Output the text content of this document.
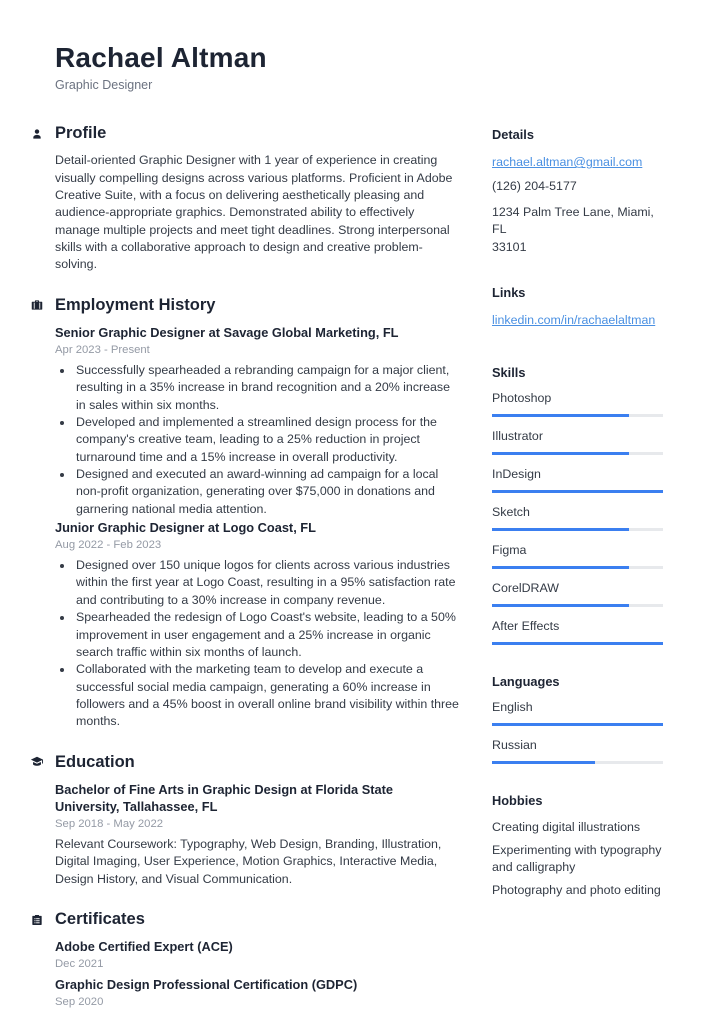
Rachael Altman
Graphic Designer
Profile

Detail-oriented Graphic Designer with 1 year of experience in creating visually compelling designs across various platforms. Proficient in Adobe Creative Suite, with a focus on delivering aesthetically pleasing and audience-appropriate graphics. Demonstrated ability to effectively manage multiple projects and meet tight deadlines. Strong interpersonal skills with a collaborative approach to design and creative problem-solving.

Employment History
Senior Graphic Designer at Savage Global Marketing, FL
Apr 2023 - Present
• Successfully spearheaded a rebranding campaign for a major client, resulting in a 35% increase in brand recognition and a 20% increase in sales within six months.
• Developed and implemented a streamlined design process for the company's creative team, leading to a 25% reduction in project turnaround time and a 15% increase in overall productivity.
• Designed and executed an award-winning ad campaign for a local non-profit organization, generating over $75,000 in donations and garnering national media attention.
Junior Graphic Designer at Logo Coast, FL
Aug 2022 - Feb 2023
• Designed over 150 unique logos for clients across various industries within the first year at Logo Coast, resulting in a 95% satisfaction rate and contributing to a 30% increase in company revenue.
• Spearheaded the redesign of Logo Coast's website, leading to a 50% improvement in user engagement and a 25% increase in organic search traffic within six months of launch.
• Collaborated with the marketing team to develop and execute a successful social media campaign, generating a 60% increase in followers and a 45% boost in overall online brand visibility within three months.
Education
Bachelor of Fine Arts in Graphic Design at Florida State University, Tallahassee, FL
Sep 2018 - May 2022

Relevant Coursework: Typography, Web Design, Branding, Illustration, Digital Imaging, User Experience, Motion Graphics, Interactive Media, Design History, and Visual Communication.

Certificates
Adobe Certified Expert (ACE)
Dec 2021
Graphic Design Professional Certification (GDPC)
Sep 2020
Details
rachael.altman@gmail.com
(126) 204-5177
1234 Palm Tree Lane, Miami, FL
33101
Links
linkedin.com/in/rachaelaltman
Skills
Photoshop
Illustrator
InDesign
Sketch
Figma
CorelDRAW
After Effects
Languages
English
Russian
Hobbies
Creating digital illustrations
Experimenting with typography and calligraphy
Photography and photo editing
